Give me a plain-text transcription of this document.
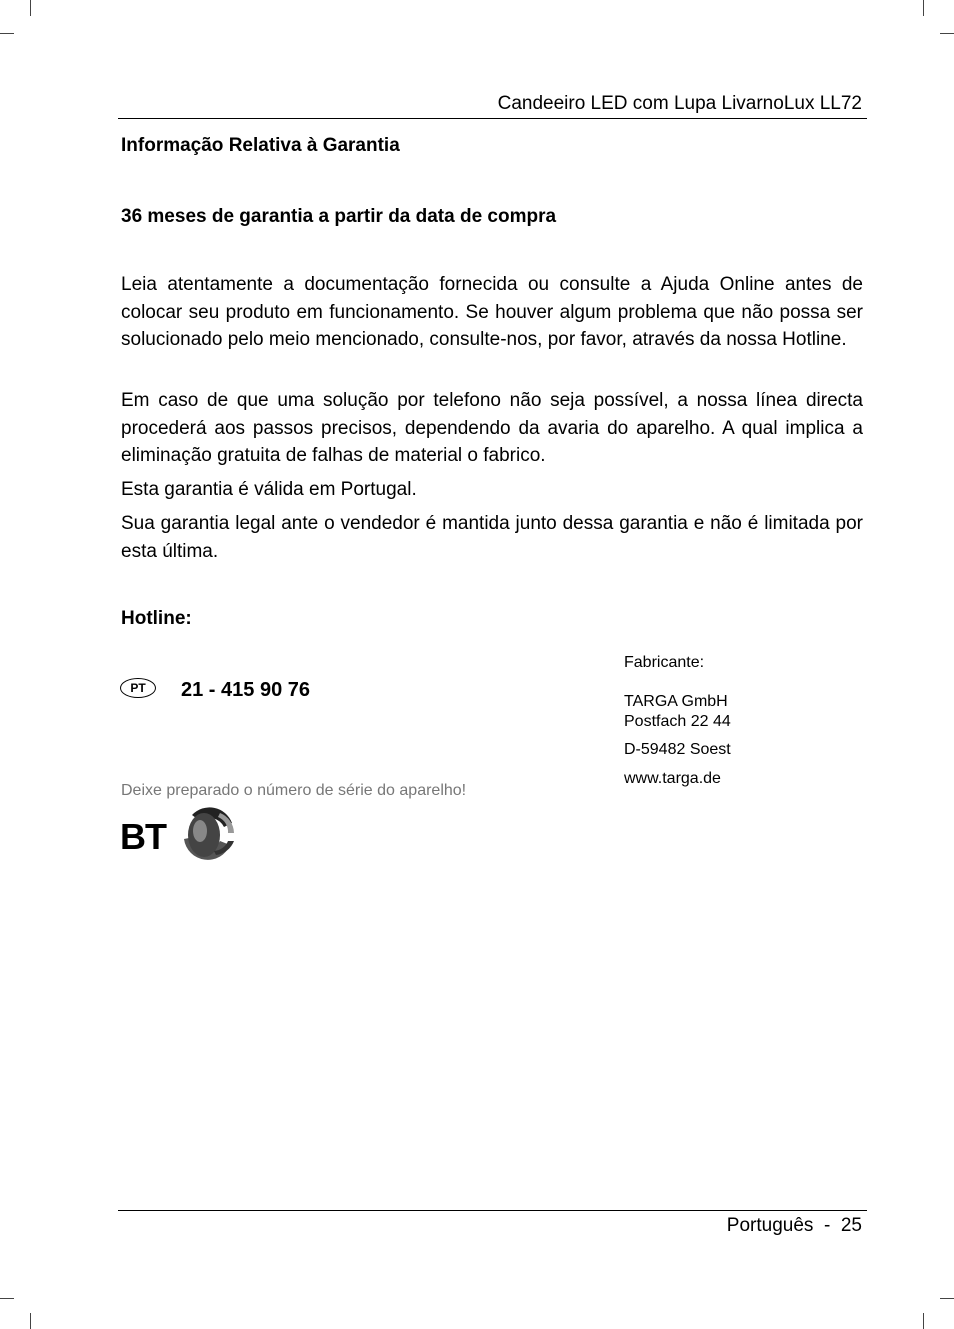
Candeeiro LED com Lupa LivarnoLux LL72
Informação Relativa à Garantia
36 meses de garantia a partir da data de compra
Leia atentamente a documentação fornecida ou consulte a Ajuda Online antes de colocar seu produto em funcionamento. Se houver algum problema que não possa ser solucionado pelo meio mencionado, consulte-nos, por favor, através da nossa Hotline.
Em caso de que uma solução por telefono não seja possível, a nossa línea directa procederá aos passos precisos, dependendo da avaria do aparelho. A qual implica a eliminação gratuita de falhas de material o fabrico.
Esta garantia é válida em Portugal.
Sua garantia legal ante o vendedor é mantida junto dessa garantia e não é limitada por esta última.
Hotline:
PT	21 - 415 90 76
Deixe preparado o número de série do aparelho!
BT
Fabricante:
TARGA GmbH
Postfach 22 44
D-59482 Soest
www.targa.de
Português - 25
